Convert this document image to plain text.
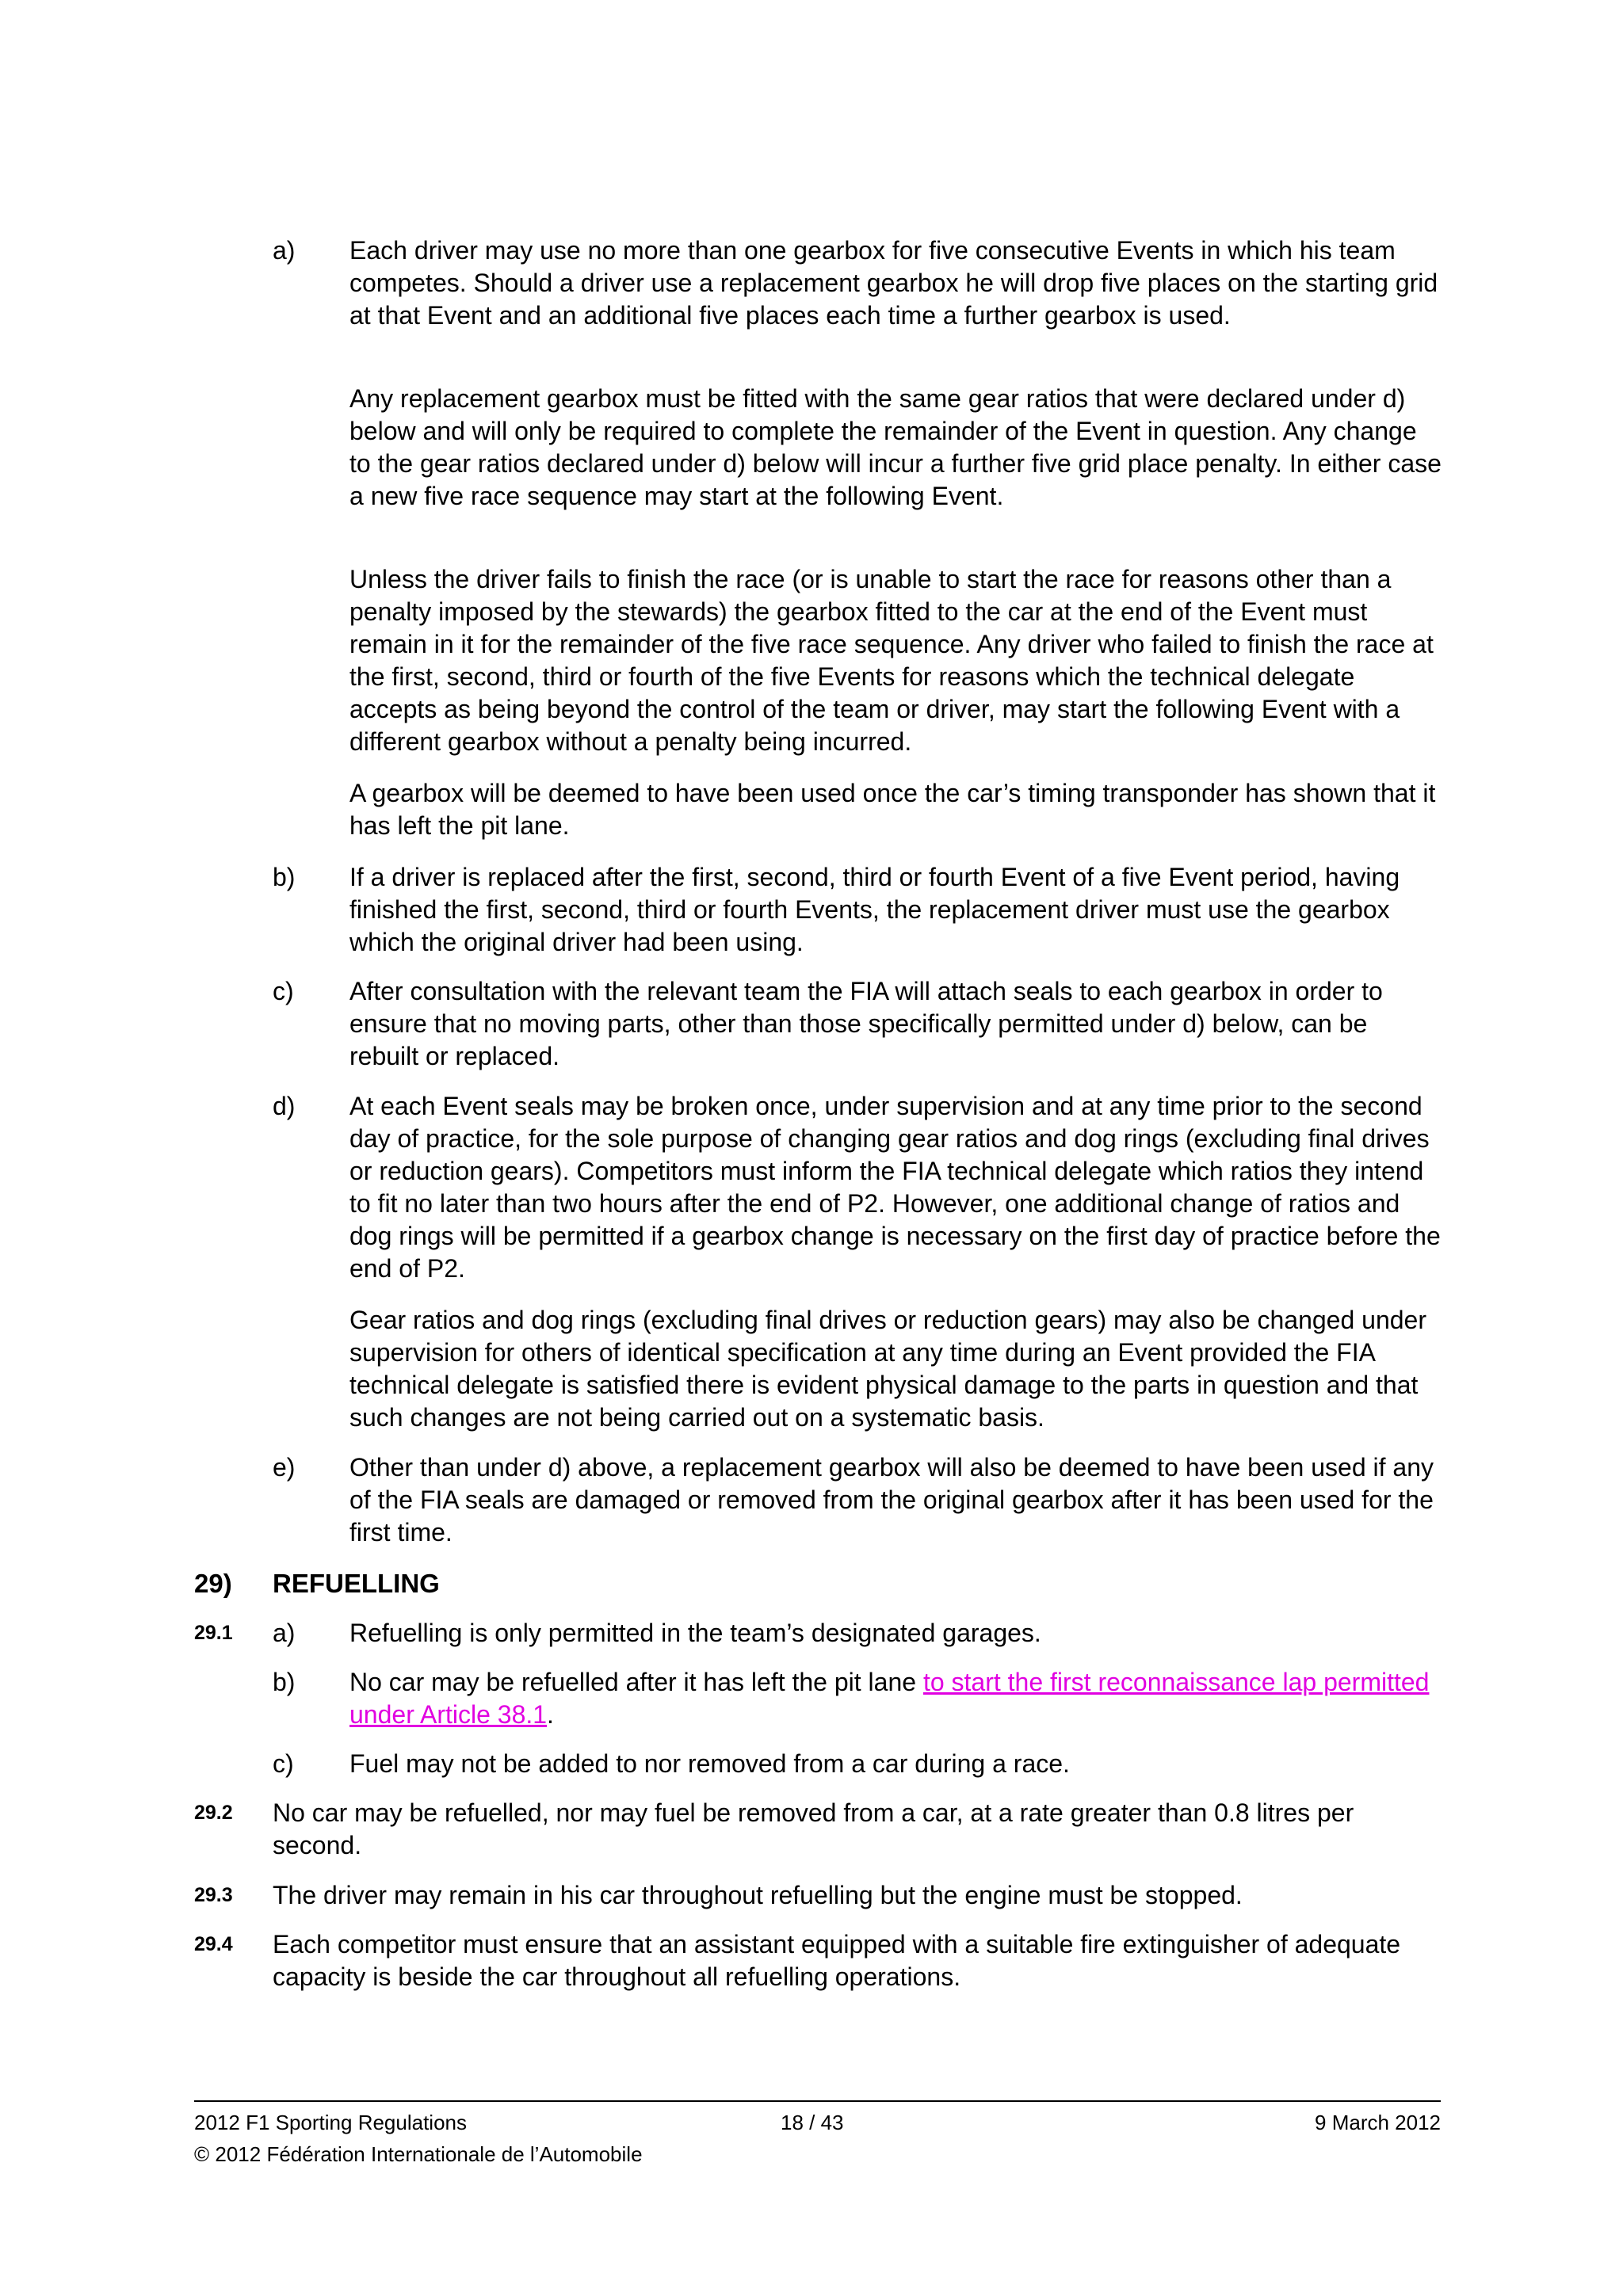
a) Each driver may use no more than one gearbox for five consecutive Events in which his team competes. Should a driver use a replacement gearbox he will drop five places on the starting grid at that Event and an additional five places each time a further gearbox is used.

Any replacement gearbox must be fitted with the same gear ratios that were declared under d) below and will only be required to complete the remainder of the Event in question. Any change to the gear ratios declared under d) below will incur a further five grid place penalty. In either case a new five race sequence may start at the following Event.

Unless the driver fails to finish the race (or is unable to start the race for reasons other than a penalty imposed by the stewards) the gearbox fitted to the car at the end of the Event must remain in it for the remainder of the five race sequence. Any driver who failed to finish the race at the first, second, third or fourth of the five Events for reasons which the technical delegate accepts as being beyond the control of the team or driver, may start the following Event with a different gearbox without a penalty being incurred.

A gearbox will be deemed to have been used once the car’s timing transponder has shown that it has left the pit lane.

b) If a driver is replaced after the first, second, third or fourth Event of a five Event period, having finished the first, second, third or fourth Events, the replacement driver must use the gearbox which the original driver had been using.

c) After consultation with the relevant team the FIA will attach seals to each gearbox in order to ensure that no moving parts, other than those specifically permitted under d) below, can be rebuilt or replaced.

d) At each Event seals may be broken once, under supervision and at any time prior to the second day of practice, for the sole purpose of changing gear ratios and dog rings (excluding final drives or reduction gears). Competitors must inform the FIA technical delegate which ratios they intend to fit no later than two hours after the end of P2. However, one additional change of ratios and dog rings will be permitted if a gearbox change is necessary on the first day of practice before the end of P2.

Gear ratios and dog rings (excluding final drives or reduction gears) may also be changed under supervision for others of identical specification at any time during an Event provided the FIA technical delegate is satisfied there is evident physical damage to the parts in question and that such changes are not being carried out on a systematic basis.

e) Other than under d) above, a replacement gearbox will also be deemed to have been used if any of the FIA seals are damaged or removed from the original gearbox after it has been used for the first time.

29) REFUELLING
29.1 a) Refuelling is only permitted in the team’s designated garages.

b) No car may be refuelled after it has left the pit lane to start the first reconnaissance lap permitted under Article 38.1.

c) Fuel may not be added to nor removed from a car during a race.

29.2 No car may be refuelled, nor may fuel be removed from a car, at a rate greater than 0.8 litres per second.

29.3 The driver may remain in his car throughout refuelling but the engine must be stopped.

29.4 Each competitor must ensure that an assistant equipped with a suitable fire extinguisher of adequate capacity is beside the car throughout all refuelling operations.

2012 F1 Sporting Regulations	18 / 43	9 March 2012
© 2012 Fédération Internationale de l’Automobile
